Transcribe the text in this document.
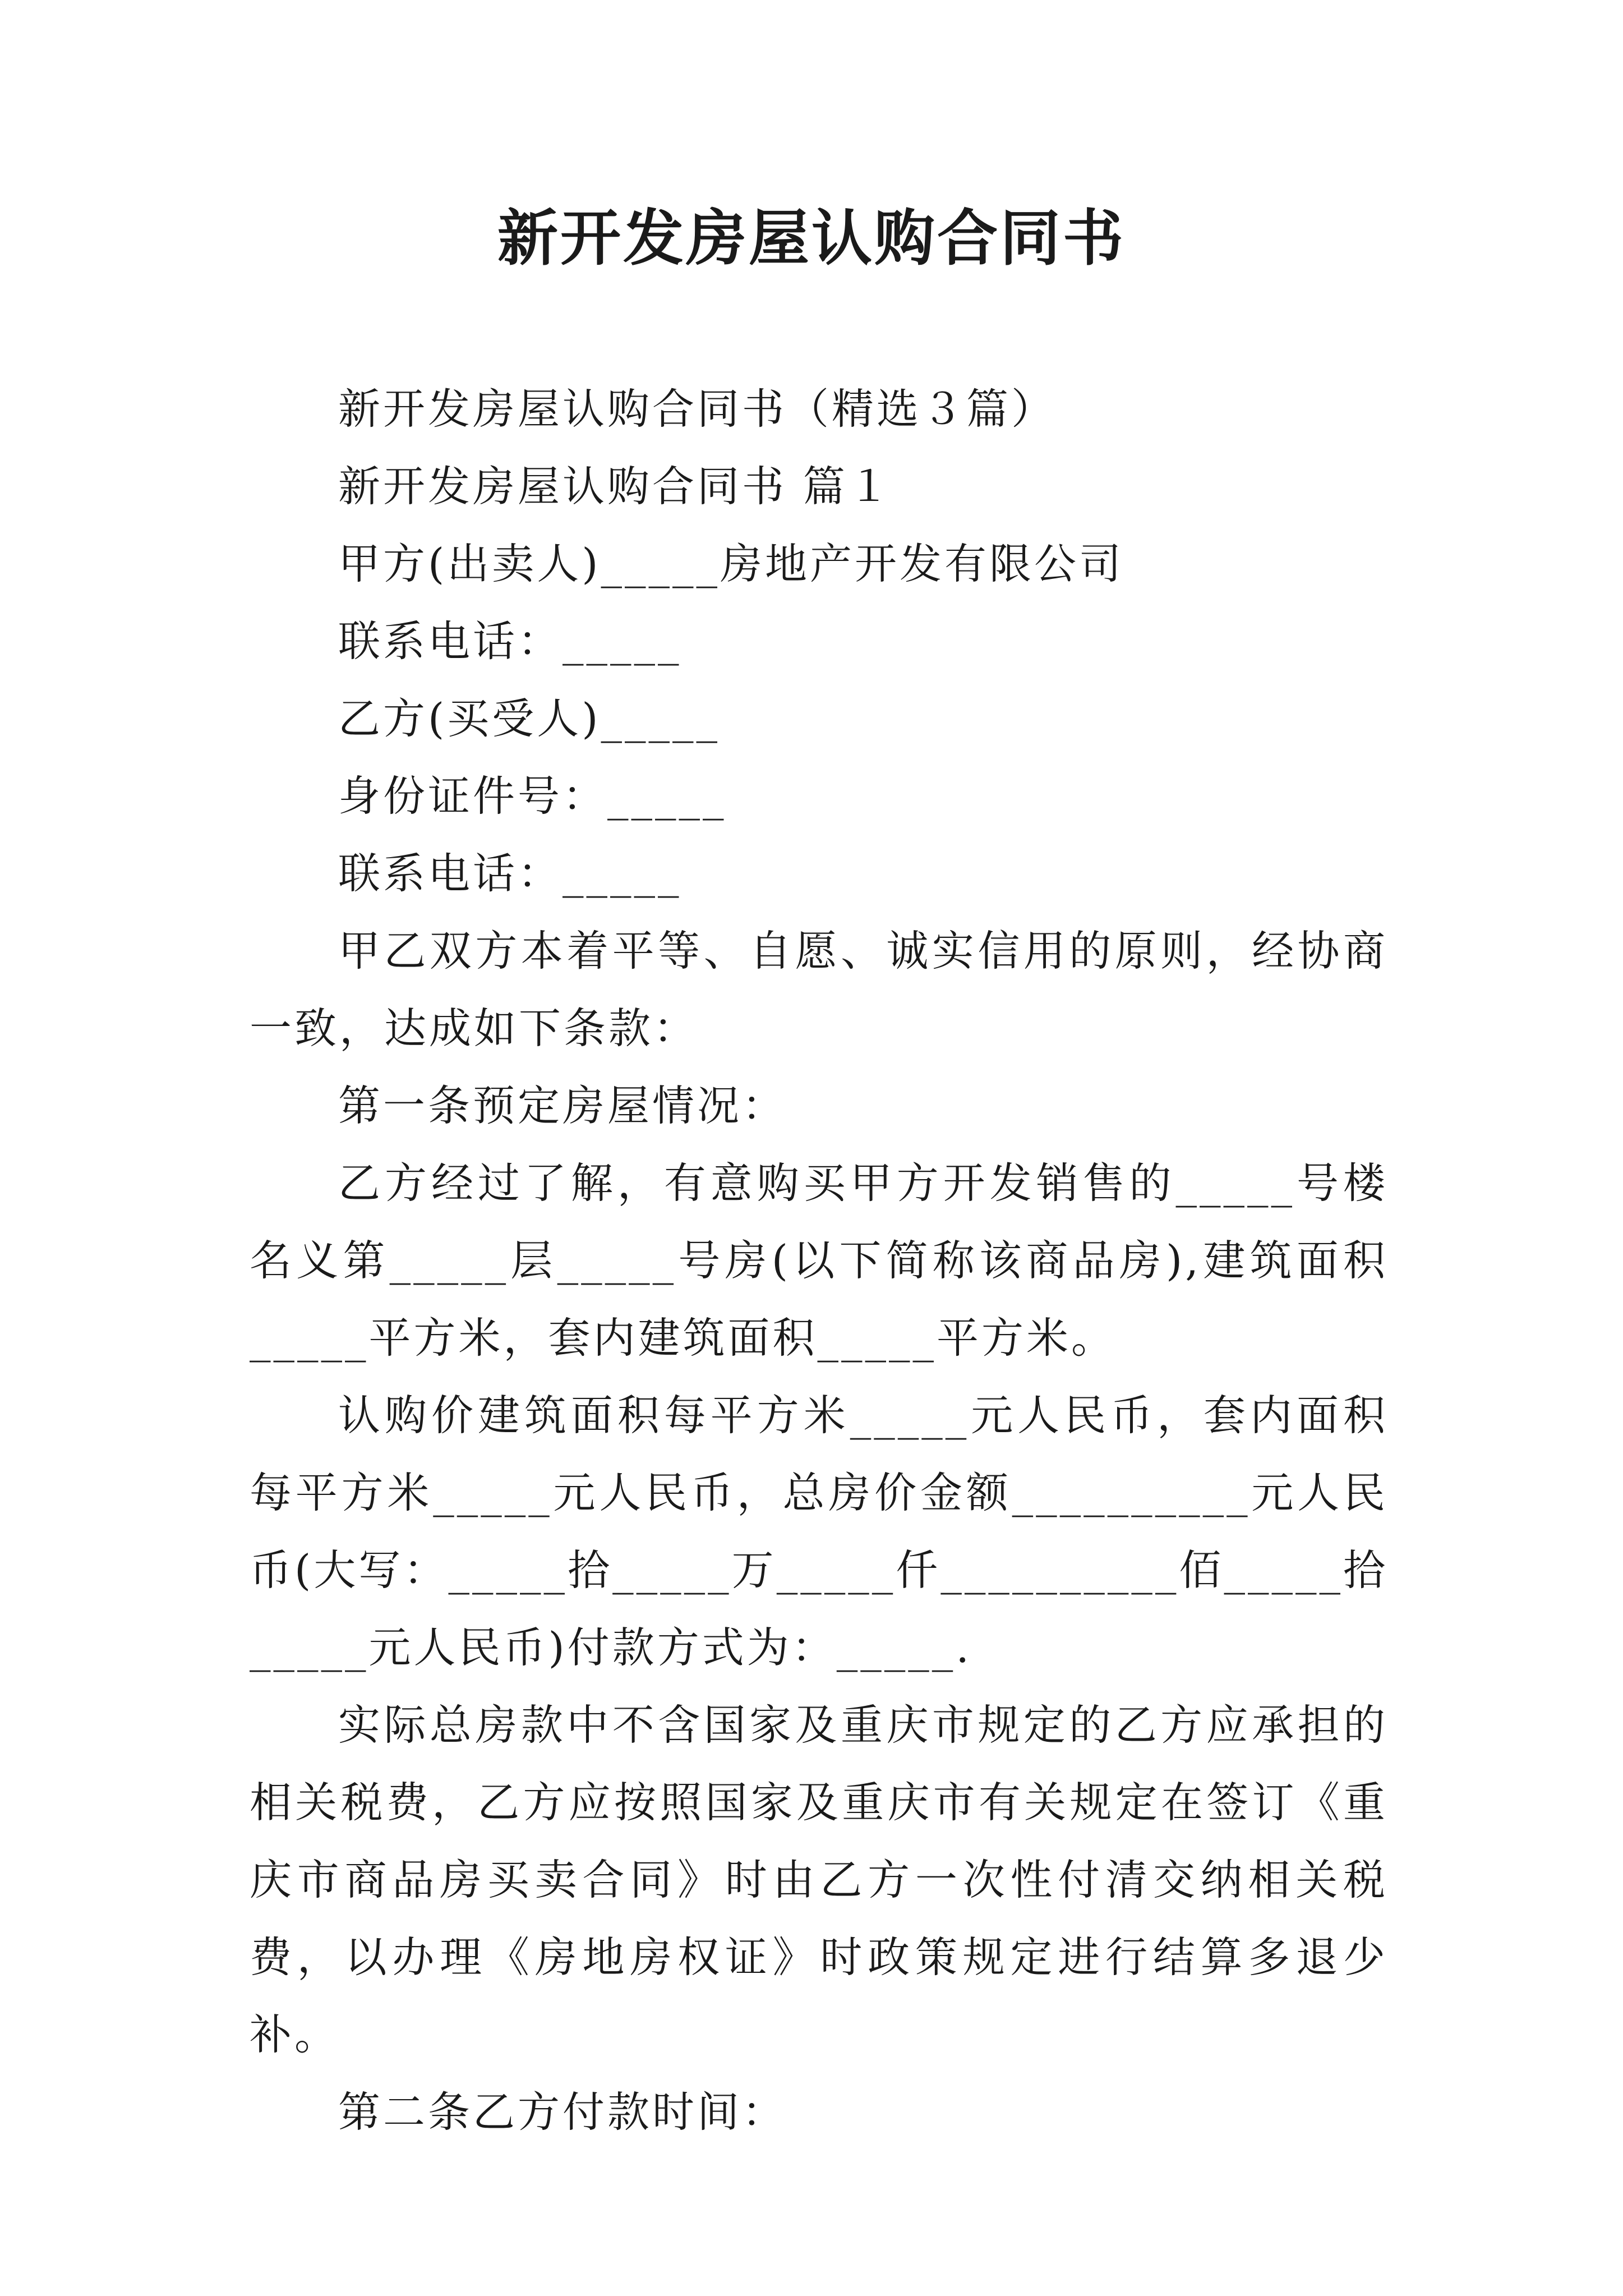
新开发房屋认购合同书

新开发房屋认购合同书（精选３篇）

新开发房屋认购合同书 篇１

甲方(出卖人)_____房地产开发有限公司

联系电话：_____

乙方(买受人)_____

身份证件号：_____

联系电话：_____

甲乙双方本着平等、自愿、诚实信用的原则，经协商一致，达成如下条款：

第一条预定房屋情况：

乙方经过了解，有意购买甲方开发销售的_____号楼名义第_____层_____号房(以下简称该商品房),建筑面积_____平方米，套内建筑面积_____平方米。

认购价建筑面积每平方米_____元人民币，套内面积每平方米_____元人民币，总房价金额__________元人民币(大写：_____拾_____万_____仟__________佰_____拾_____元人民币)付款方式为：_____.

实际总房款中不含国家及重庆市规定的乙方应承担的相关税费，乙方应按照国家及重庆市有关规定在签订《重庆市商品房买卖合同》时由乙方一次性付清交纳相关税费，以办理《房地房权证》时政策规定进行结算多退少补。

第二条乙方付款时间：
